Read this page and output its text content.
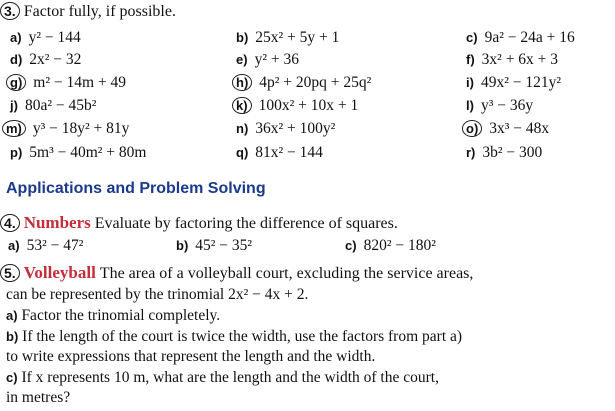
3. Factor fully, if possible.
a) y² − 144	b) 25x² + 5y + 1	c) 9a² − 24a + 16
d) 2x² − 32	e) y² + 36	f) 3x² + 6x + 3
g) m² − 14m + 49	h) 4p² + 20pq + 25q²	i) 49x² − 121y²
j) 80a² − 45b²	k) 100x² + 10x + 1	l) y³ − 36y
m) y³ − 18y² + 81y	n) 36x² + 100y²	o) 3x³ − 48x
p) 5m³ − 40m² + 80m	q) 81x² − 144	r) 3b² − 300
Applications and Problem Solving
4. Numbers Evaluate by factoring the difference of squares.
a) 53² − 47²	b) 45² − 35²	c) 820² − 180²
5. Volleyball The area of a volleyball court, excluding the service areas,
can be represented by the trinomial 2x² − 4x + 2.
a) Factor the trinomial completely.
b) If the length of the court is twice the width, use the factors from part a)
to write expressions that represent the length and the width.
c) If x represents 10 m, what are the length and the width of the court,
in metres?
